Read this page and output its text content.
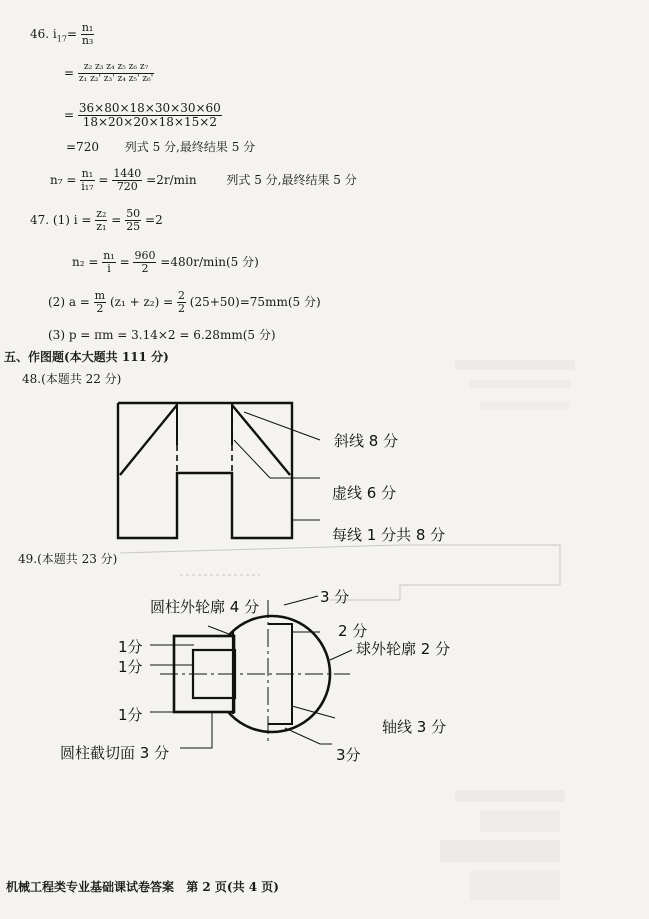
46. $i_{17}= \frac{\text{n₁}}{\text{n₃}}$
= $\frac{\text{z₂ z₃ z₄ z₅ z₆ z₇}}{\text{z₁ z₂' z₃' z₄ z₅' z₆'}}$
= $\frac{36\times 80\times 18\times 30\times 30\times 60}{18\times 20\times 20\times 18\times 15\times 2}$
=720 列式 5 分,最终结果 5 分
$n_7 = \frac{\text{n₁}}{\text{i₁₇}} = \frac{1440}{720} =2r/\min$ 列式 5 分,最终结果 5 分
47. (1) $i = \frac{\text{z₂}}{\text{z₁}} = \frac{50}{25} =2$
$n_2 = \frac{\text{n₁}}{i} = \frac{960}{2} =480r/\min(5$ 分)
(2) $a = \frac{m}{2} (z_1 + z_2) = \frac{2}{2} (25+50)=75mm(5$ 分)
(3) p = πm = 3.14×2 = 6.28mm(5 分)
五、作图题(本大题共 111 分)
48.(本题共 22 分)
斜线 8 分
虚线 6 分
每线 1 分共 8 分
49.(本题共 23 分)
圆柱外轮廓 4 分
3 分
2 分
1分
1分
球外轮廓 2 分
1分
轴线 3 分
圆柱截切面 3 分	3分
机械工程类专业基础课试卷答案 第 2 页(共 4 页)
